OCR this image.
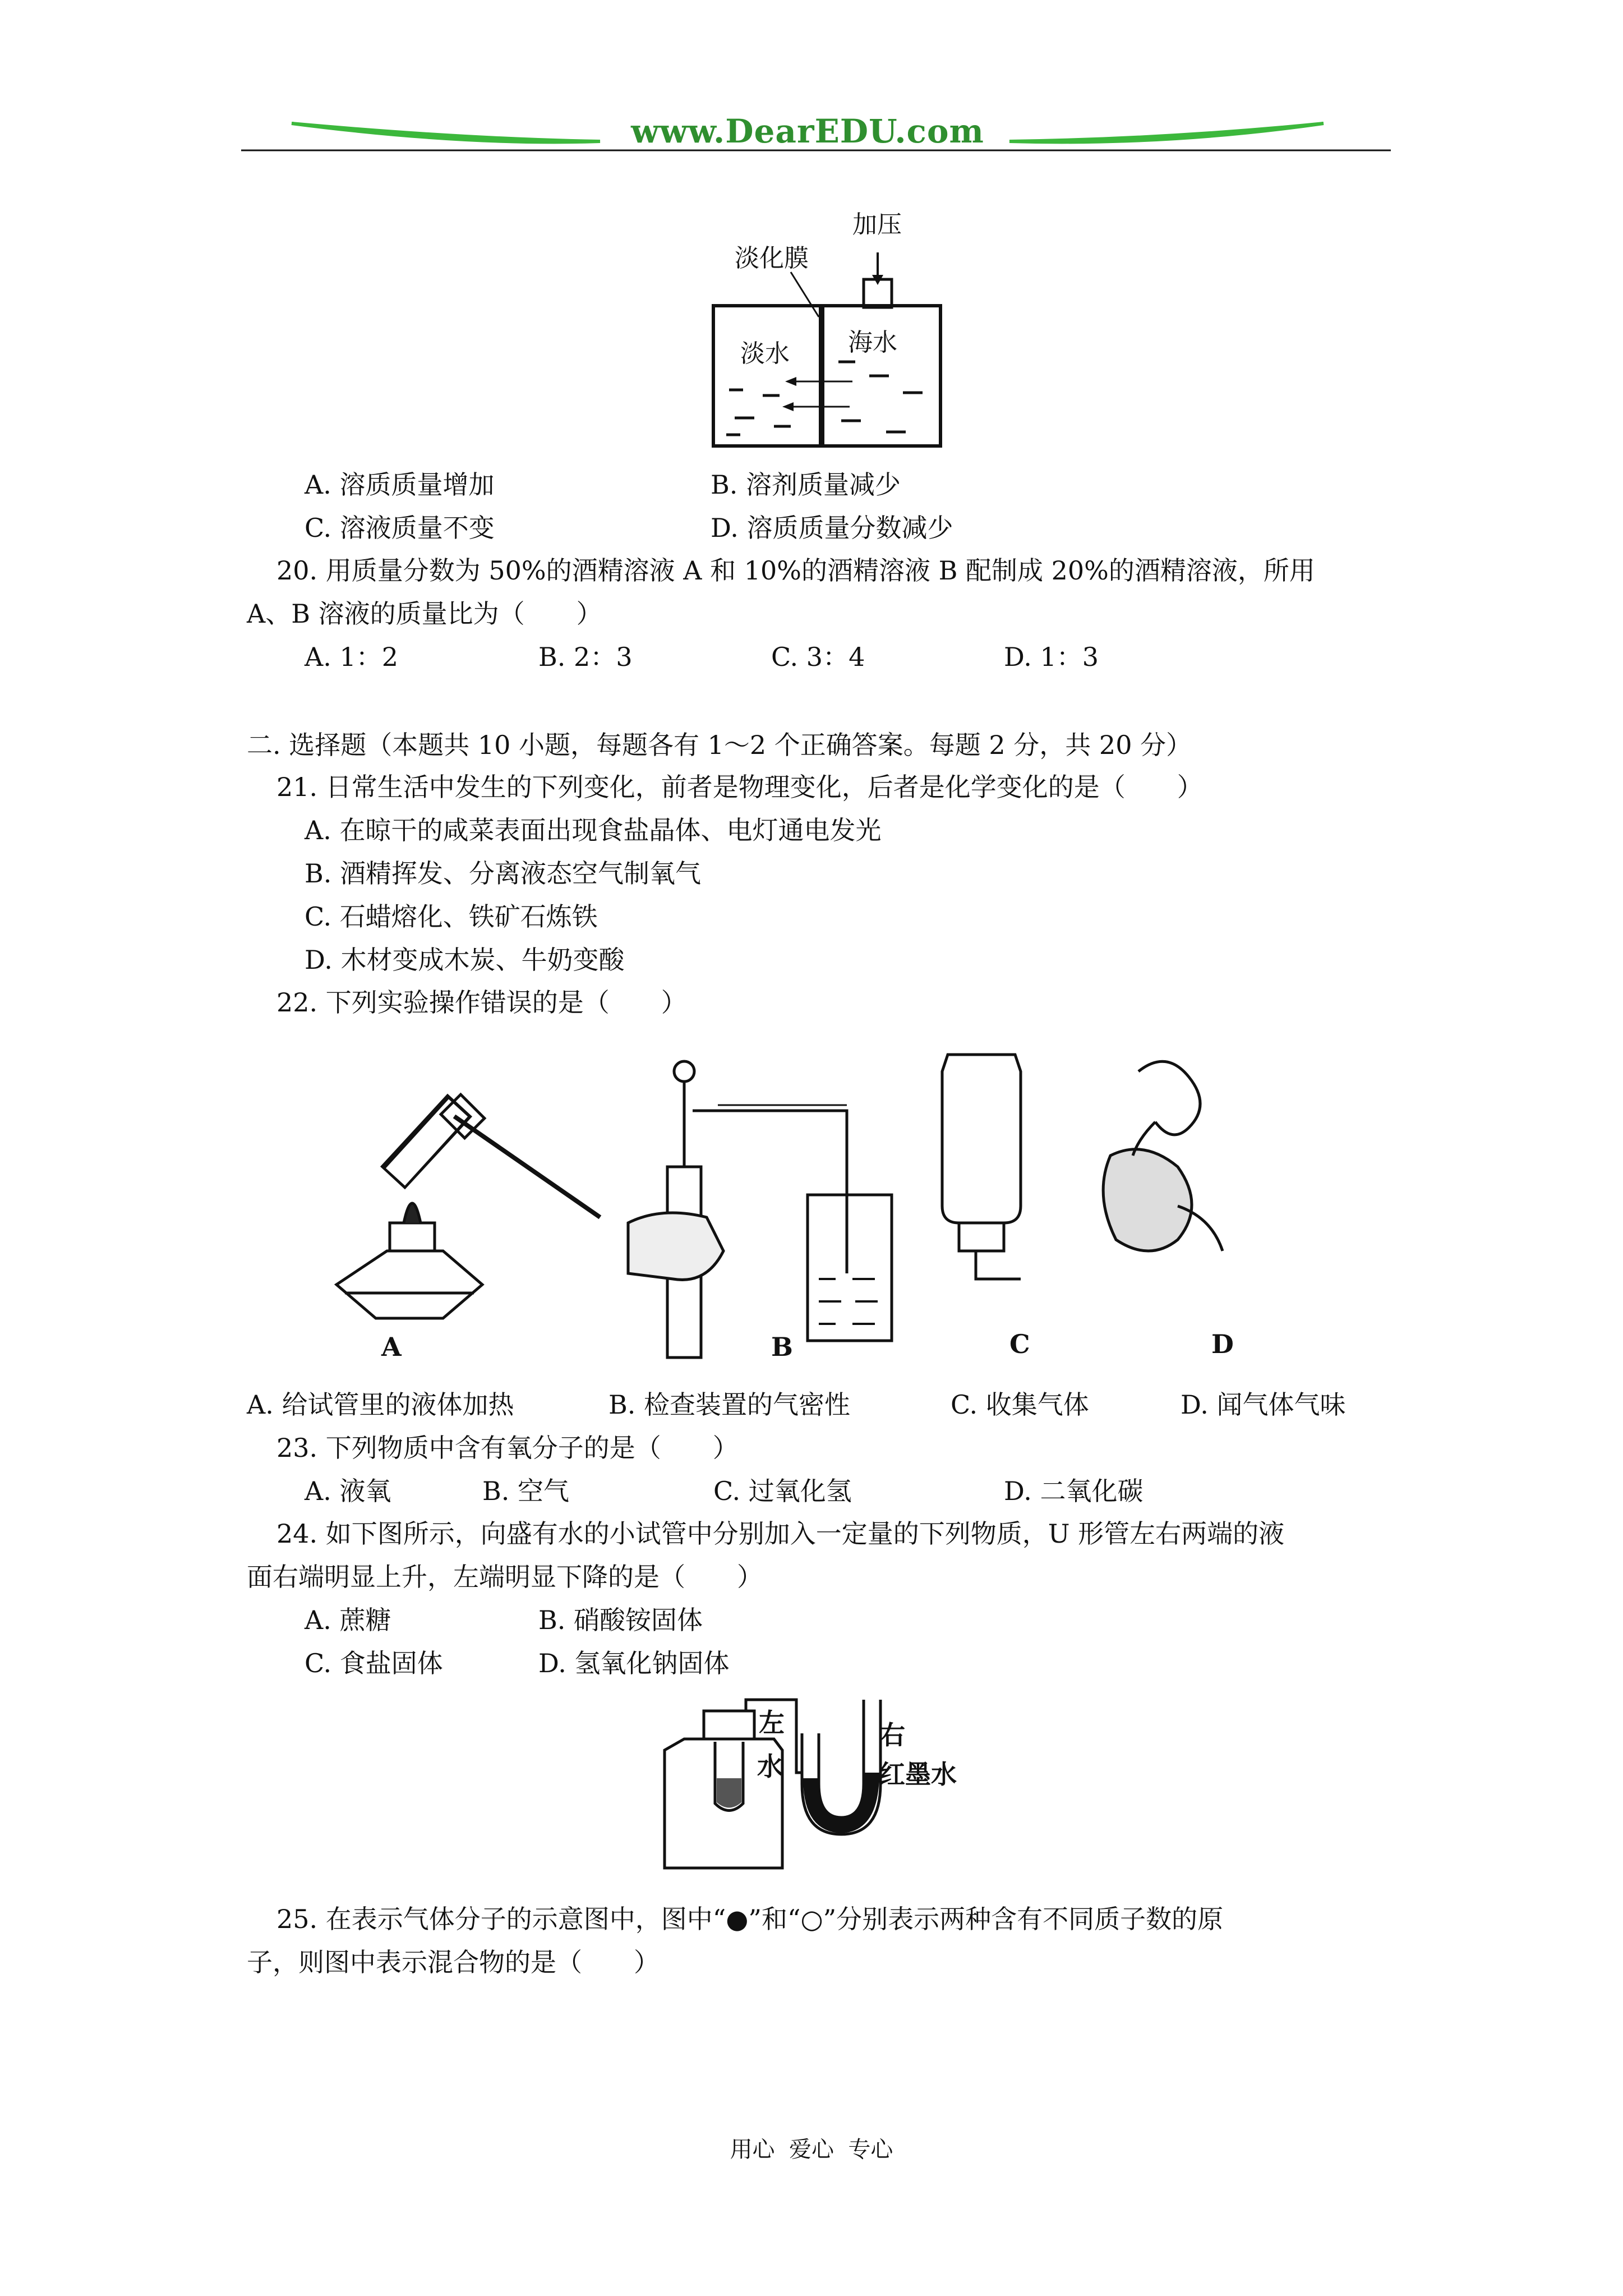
www.DearEDU.com
加压
淡化膜
淡水 海水
A. 溶质质量增加	B. 溶剂质量减少
C. 溶液质量不变	D. 溶质质量分数减少
20. 用质量分数为 50%的酒精溶液 A 和 10%的酒精溶液 B 配制成 20%的酒精溶液，所用
A、B 溶液的质量比为（　　）
A. 1：2	B. 2：3	C. 3：4	D. 1：3
二. 选择题（本题共 10 小题，每题各有 1～2 个正确答案。每题 2 分，共 20 分）
21. 日常生活中发生的下列变化，前者是物理变化，后者是化学变化的是（　　）
A. 在晾干的咸菜表面出现食盐晶体、电灯通电发光
B. 酒精挥发、分离液态空气制氧气
C. 石蜡熔化、铁矿石炼铁
D. 木材变成木炭、牛奶变酸
22. 下列实验操作错误的是（　　）
A	B	C	D
A. 给试管里的液体加热	B. 检查装置的气密性	C. 收集气体	D. 闻气体气味
23. 下列物质中含有氧分子的是（　　）
A. 液氧	B. 空气	C. 过氧化氢	D. 二氧化碳
24. 如下图所示，向盛有水的小试管中分别加入一定量的下列物质，U 形管左右两端的液
面右端明显上升，左端明显下降的是（　　）
A. 蔗糖	B. 硝酸铵固体
C. 食盐固体	D. 氢氧化钠固体
左
水
右
红墨水
25. 在表示气体分子的示意图中，图中“●”和“○”分别表示两种含有不同质子数的原
子，则图中表示混合物的是（　　）
用心  爱心  专心
